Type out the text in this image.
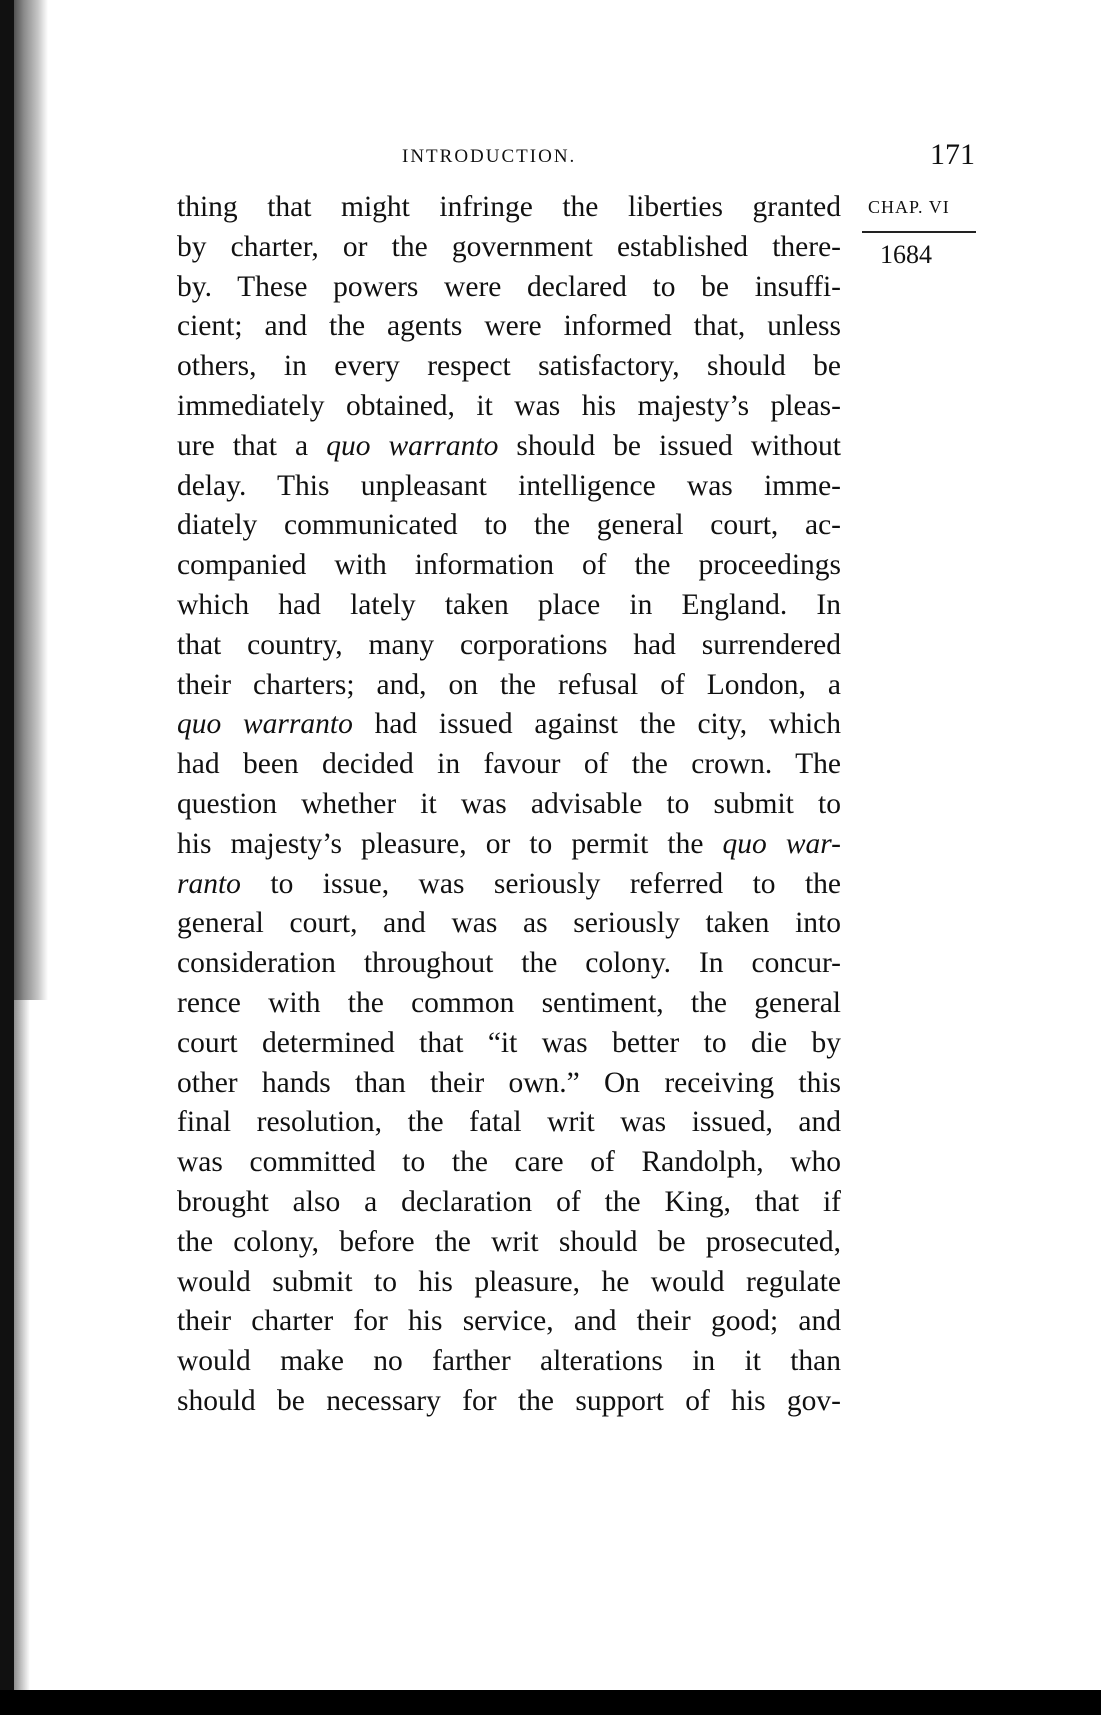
INTRODUCTION.	171
CHAP. VI
1684
thing that might infringe the liberties granted
by charter, or the government established there-
by. These powers were declared to be insuffi-
cient; and the agents were informed that, unless
others, in every respect satisfactory, should be
immediately obtained, it was his majesty’s pleas-
ure that a quo warranto should be issued without
delay. This unpleasant intelligence was imme-
diately communicated to the general court, ac-
companied with information of the proceedings
which had lately taken place in England. In
that country, many corporations had surrendered
their charters; and, on the refusal of London, a
quo warranto had issued against the city, which
had been decided in favour of the crown. The
question whether it was advisable to submit to
his majesty’s pleasure, or to permit the quo war-
ranto to issue, was seriously referred to the
general court, and was as seriously taken into
consideration throughout the colony. In concur-
rence with the common sentiment, the general
court determined that “it was better to die by
other hands than their own.” On receiving this
final resolution, the fatal writ was issued, and
was committed to the care of Randolph, who
brought also a declaration of the King, that if
the colony, before the writ should be prosecuted,
would submit to his pleasure, he would regulate
their charter for his service, and their good; and
would make no farther alterations in it than
should be necessary for the support of his gov-
